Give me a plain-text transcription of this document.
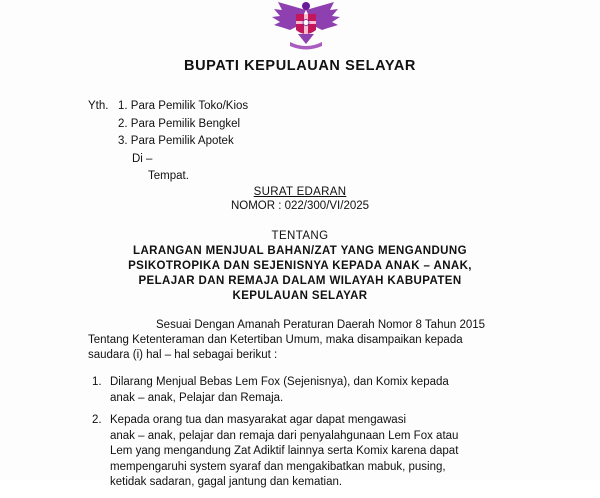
BUPATI KEPULAUAN SELAYAR
Yth. 1. Para Pemilik Toko/Kios
2. Para Pemilik Bengkel
3. Para Pemilik Apotek
Di –
Tempat.
SURAT EDARAN
NOMOR : 022/300/VI/2025
TENTANG
LARANGAN MENJUAL BAHAN/ZAT YANG MENGANDUNG
PSIKOTROPIKA DAN SEJENISNYA KEPADA ANAK – ANAK,
PELAJAR DAN REMAJA DALAM WILAYAH KABUPATEN
KEPULAUAN SELAYAR
Sesuai Dengan Amanah Peraturan Daerah Nomor 8 Tahun 2015
Tentang Ketenteraman dan Ketertiban Umum, maka disampaikan kepada
saudara (i) hal – hal sebagai berikut :
1. Dilarang Menjual Bebas Lem Fox (Sejenisnya), dan Komix kepada
anak – anak, Pelajar dan Remaja.
2. Kepada orang tua dan masyarakat agar dapat mengawasi
anak – anak, pelajar dan remaja dari penyalahgunaan Lem Fox atau
Lem yang mengandung Zat Adiktif lainnya serta Komix karena dapat
mempengaruhi system syaraf dan mengakibatkan mabuk, pusing,
ketidak sadaran, gagal jantung dan kematian.
